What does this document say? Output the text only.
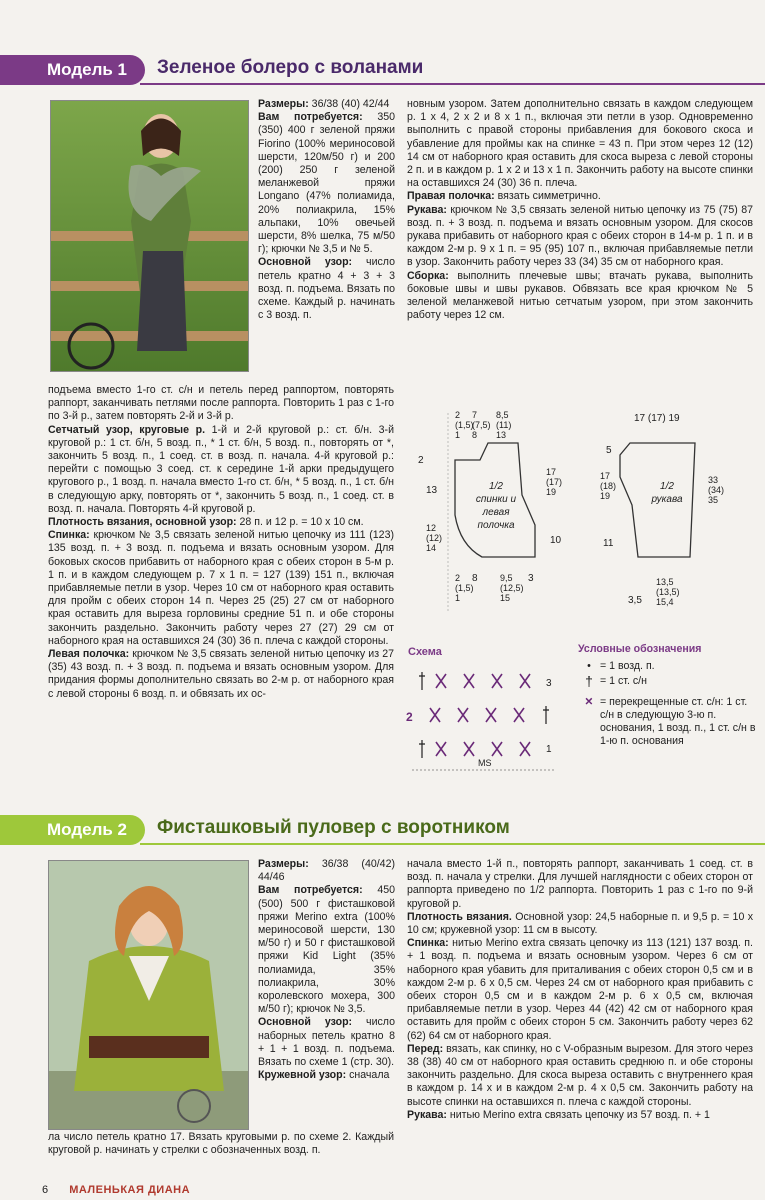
Модель 1	Зеленое болеро с воланами

Размеры: 36/38 (40) 42/44

Вам потребуется: 350 (350) 400 г зеленой пряжи Fiorino (100% мериносовой шерсти, 120м/50 г) и 200 (200) 250 г зеленой меланжевой пряжи Longano (47% полиамида, 20% полиакрила, 15% альпаки, 10% овечьей шерсти, 8% шелка, 75 м/50 г); крючки № 3,5 и № 5.

Основной узор: число петель кратно 4 + 3 + 3 возд. п. подъема. Вязать по схеме. Каждый р. начинать с 3 возд. п.

подъема вместо 1-го ст. с/н и петель перед раппортом, повторять раппорт, заканчивать петлями после раппорта. Повторить 1 раз с 1-го по 3-й р., затем повторять 2-й и 3-й р.

Сетчатый узор, круговые р. 1-й и 2-й круговой р.: ст. б/н. 3-й круговой р.: 1 ст. б/н, 5 возд. п., * 1 ст. б/н, 5 возд. п., повторять от *, закончить 5 возд. п., 1 соед. ст. в возд. п. начала. 4-й круговой р.: перейти с помощью 3 соед. ст. к середине 1-й арки предыдущего кругового р., 1 возд. п. начала вместо 1-го ст. б/н, * 5 возд. п., 1 ст. б/н в следующую арку, повторять от *, закончить 5 возд. п., 1 соед. ст. в возд. п. начала. Повторять 4-й круговой р.

Плотность вязания, основной узор: 28 п. и 12 р. = 10 х 10 см.

Спинка: крючком № 3,5 связать зеленой нитью цепочку из 111 (123) 135 возд. п. + 3 возд. п. подъема и вязать основным узором. Для боковых скосов прибавить от наборного края с обеих сторон в 5-м р. 1 п. и в каждом следующем р. 7 х 1 п. = 127 (139) 151 п., включая прибавляемые петли в узор. Через 10 см от наборного края оставить для пройм с обеих сторон 14 п. Через 25 (25) 27 см от наборного края оставить для выреза горловины средние 51 п. и обе стороны закончить раздельно. Закончить работу через 27 (27) 29 см от наборного края на оставшихся 24 (30) 36 п. плеча с каждой стороны.

Левая полочка: крючком № 3,5 связать зеленой нитью цепочку из 27 (35) 43 возд. п. + 3 возд. п. подъема и вязать основным узором. Для придания формы дополнительно связать во 2-м р. от наборного края с левой стороны 6 возд. п. и обвязать их ос-

новным узором. Затем дополнительно связать в каждом следующем р. 1 х 4, 2 х 2 и 8 х 1 п., включая эти петли в узор. Одновременно выполнить с правой стороны прибавления для бокового скоса и убавление для проймы как на спинке = 43 п. При этом через 12 (12) 14 см от наборного края оставить для скоса выреза с левой стороны 2 п. и в каждом р. 1 х 2 и 13 х 1 п. Закончить работу на высоте спинки на оставшихся 24 (30) 36 п. плеча.

Правая полочка: вязать симметрично.

Рукава: крючком № 3,5 связать зеленой нитью цепочку из 75 (75) 87 возд. п. + 3 возд. п. подъема и вязать основным узором. Для скосов рукава прибавить от наборного края с обеих сторон в 14-м р. 1 п. и в каждом 2-м р. 9 х 1 п. = 95 (95) 107 п., включая прибавляемые петли в узор. Закончить работу через 33 (34) 35 см от наборного края.

Сборка: выполнить плечевые швы; втачать рукава, выполнить боковые швы и швы рукавов. Обвязать все края крючком № 5 зеленой меланжевой нитью сетчатым узором, при этом закончить работу через 12 см.

2
(1,5)
1
7
(7,5)
8
8,5
(11)
13
2
13
12
(12)
14
1/2 спинки и левая полочка
17
(17)
19
10
2
(1,5)
1
8 9,5
(12,5)
15
3
17 (17) 19
5
17
(18)
19
11
1/2 рукава
33
(34)
35
13,5
(13,5)
15,4
3,5
Схема
3
2
1
MS
Условные обозначения
• = 1 возд. п.
† = 1 ст. с/н
✕ = перекрещенные ст. с/н: 1 ст. с/н в следующую 3-ю п. основания, 1 возд. п., 1 ст. с/н в 1-ю п. основания
Модель 2	Фисташковый пуловер с воротником

Размеры: 36/38 (40/42) 44/46

Вам потребуется: 450 (500) 500 г фисташковой пряжи Merino extra (100% мериносовой шерсти, 130 м/50 г) и 50 г фисташковой пряжи Kid Light (35% полиамида, 35% полиакрила, 30% королевского мохера, 300 м/50 г); крючок № 3,5.

Основной узор: число наборных петель кратно 8 + 1 + 1 возд. п. подъема. Вязать по схеме 1 (стр. 30).

Кружевной узор: сначала

ла число петель кратно 17. Вязать круговыми р. по схеме 2. Каждый круговой р. начинать у стрелки с обозначенных возд. п.

начала вместо 1-й п., повторять раппорт, заканчивать 1 соед. ст. в возд. п. начала у стрелки. Для лучшей наглядности с обеих сторон от раппорта приведено по 1/2 раппорта. Повторить 1 раз с 1-го по 9-й круговой р.

Плотность вязания. Основной узор: 24,5 наборные п. и 9,5 р. = 10 х 10 см; кружевной узор: 11 см в высоту.

Спинка: нитью Merino extra связать цепочку из 113 (121) 137 возд. п. + 1 возд. п. подъема и вязать основным узором. Через 6 см от наборного края убавить для приталивания с обеих сторон 0,5 см и в каждом 2-м р. 6 х 0,5 см. Через 24 см от наборного края прибавить с обеих сторон 0,5 см и в каждом 2-м р. 6 х 0,5 см, включая прибавляемые петли в узор. Через 44 (42) 42 см от наборного края оставить для пройм с обеих сторон 5 см. Закончить работу через 62 (62) 64 см от наборного края.

Перед: вязать, как спинку, но с V-образным вырезом. Для этого через 38 (38) 40 см от наборного края оставить среднюю п. и обе стороны закончить раздельно. Для скоса выреза оставить с внутреннего края в каждом р. 14 х и в каждом 2-м р. 4 х 0,5 см. Закончить работу на высоте спинки на оставшихся п. плеча с каждой стороны.

Рукава: нитью Merino extra связать цепочку из 57 возд. п. + 1

6 МАЛЕНЬКАЯ ДИАНА
